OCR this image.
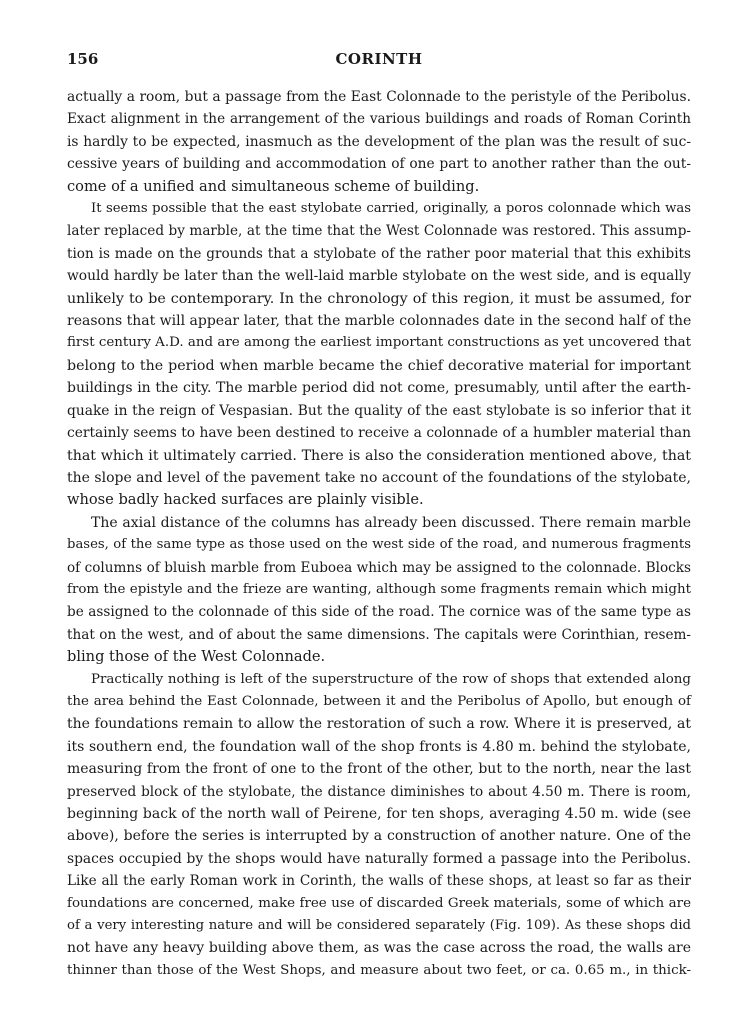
156	CORINTH
actually a room, but a passage from the East Colonnade to the peristyle of the Peribolus.
Exact alignment in the arrangement of the various buildings and roads of Roman Corinth
is hardly to be expected, inasmuch as the development of the plan was the result of suc-
cessive years of building and accommodation of one part to another rather than the out-
come of a unified and simultaneous scheme of building.
It seems possible that the east stylobate carried, originally, a poros colonnade which was
later replaced by marble, at the time that the West Colonnade was restored. This assump-
tion is made on the grounds that a stylobate of the rather poor material that this exhibits
would hardly be later than the well-laid marble stylobate on the west side, and is equally
unlikely to be contemporary. In the chronology of this region, it must be assumed, for
reasons that will appear later, that the marble colonnades date in the second half of the
first century A.D. and are among the earliest important constructions as yet uncovered that
belong to the period when marble became the chief decorative material for important
buildings in the city. The marble period did not come, presumably, until after the earth-
quake in the reign of Vespasian. But the quality of the east stylobate is so inferior that it
certainly seems to have been destined to receive a colonnade of a humbler material than
that which it ultimately carried. There is also the consideration mentioned above, that
the slope and level of the pavement take no account of the foundations of the stylobate,
whose badly hacked surfaces are plainly visible.
The axial distance of the columns has already been discussed. There remain marble
bases, of the same type as those used on the west side of the road, and numerous fragments
of columns of bluish marble from Euboea which may be assigned to the colonnade. Blocks
from the epistyle and the frieze are wanting, although some fragments remain which might
be assigned to the colonnade of this side of the road. The cornice was of the same type as
that on the west, and of about the same dimensions. The capitals were Corinthian, resem-
bling those of the West Colonnade.
Practically nothing is left of the superstructure of the row of shops that extended along
the area behind the East Colonnade, between it and the Peribolus of Apollo, but enough of
the foundations remain to allow the restoration of such a row. Where it is preserved, at
its southern end, the foundation wall of the shop fronts is 4.80 m. behind the stylobate,
measuring from the front of one to the front of the other, but to the north, near the last
preserved block of the stylobate, the distance diminishes to about 4.50 m. There is room,
beginning back of the north wall of Peirene, for ten shops, averaging 4.50 m. wide (see
above), before the series is interrupted by a construction of another nature. One of the
spaces occupied by the shops would have naturally formed a passage into the Peribolus.
Like all the early Roman work in Corinth, the walls of these shops, at least so far as their
foundations are concerned, make free use of discarded Greek materials, some of which are
of a very interesting nature and will be considered separately (Fig. 109). As these shops did
not have any heavy building above them, as was the case across the road, the walls are
thinner than those of the West Shops, and measure about two feet, or ca. 0.65 m., in thick-
